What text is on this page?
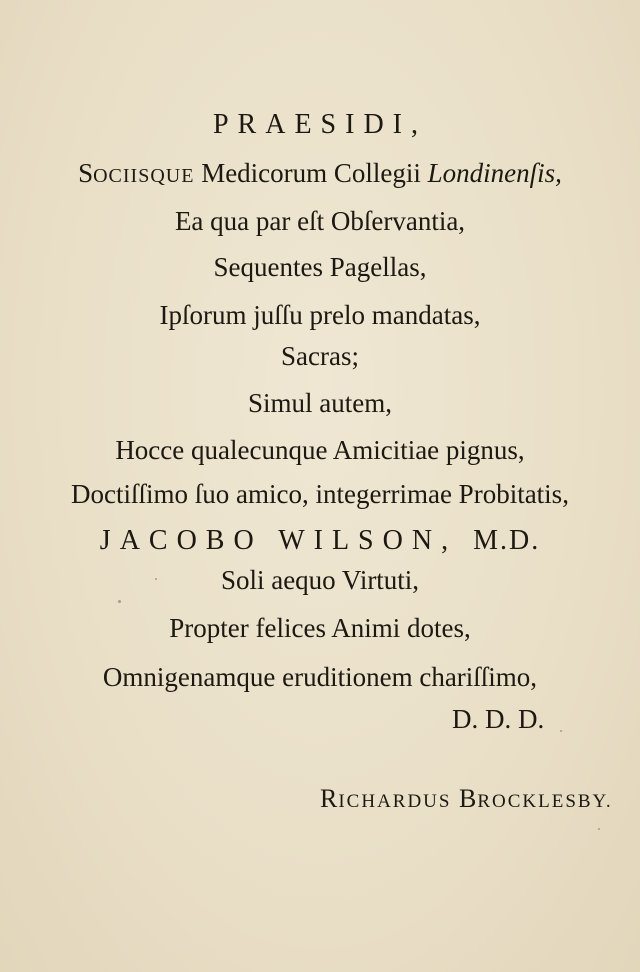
PRAESIDI,
SOCIISQUE Medicorum Collegii Londinenſis,
Ea qua par eſt Obſervantia,
Sequentes Pagellas,
Ipſorum juſſu prelo mandatas,
Sacras;
Simul autem,
Hocce qualecunque Amicitiae pignus,
Doctiſſimo ſuo amico, integerrimae Probitatis,
JACOBO WILSON, M.D.
Soli aequo Virtuti,
Propter felices Animi dotes,
Omnigenamque eruditionem chariſſimo,
D. D. D.
RICHARDUS BROCKLESBY.
